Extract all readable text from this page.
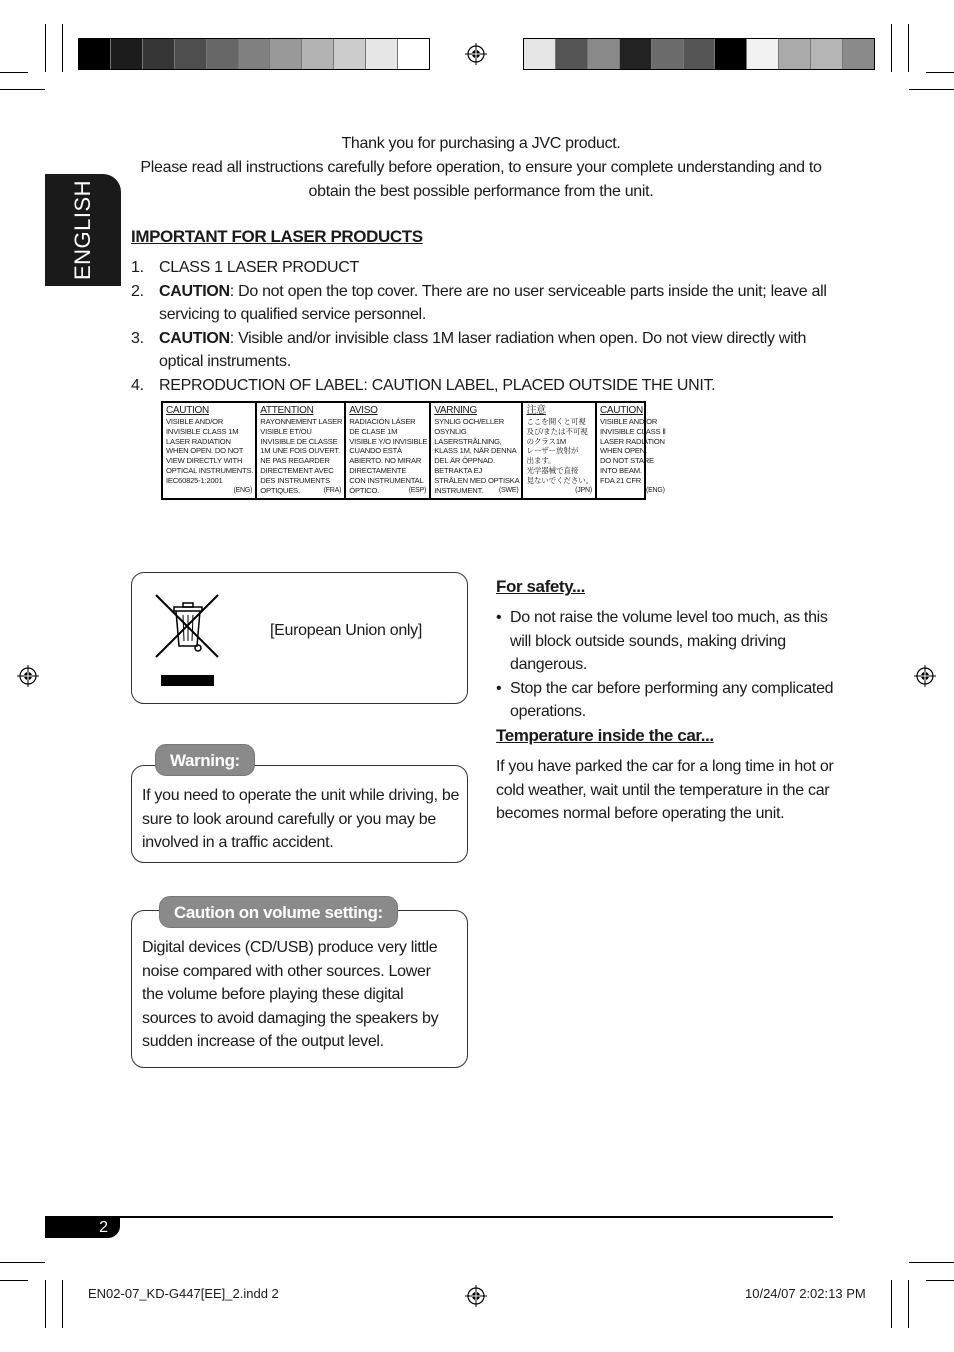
Thank you for purchasing a JVC product.
Please read all instructions carefully before operation, to ensure your complete understanding and to obtain the best possible performance from the unit.
ENGLISH IMPORTANT FOR LASER PRODUCTS
1. CLASS 1 LASER PRODUCT
2. CAUTION: Do not open the top cover. There are no user serviceable parts inside the unit; leave all servicing to qualified service personnel.
3. CAUTION: Visible and/or invisible class 1M laser radiation when open. Do not view directly with optical instruments.
4. REPRODUCTION OF LABEL: CAUTION LABEL, PLACED OUTSIDE THE UNIT.
CAUTION
VISIBLE AND/OR
INVISIBLE CLASS 1M
LASER RADIATION
WHEN OPEN. DO NOT
VIEW DIRECTLY WITH
OPTICAL INSTRUMENTS.
IEC60825-1:2001
(ENG)
ATTENTION
RAYONNEMENT LASER
VISIBLE ET/OU
INVISIBLE DE CLASSE
1M UNE FOIS OUVERT.
NE PAS REGARDER
DIRECTEMENT AVEC
DES INSTRUMENTS
OPTIQUES.	(FRA)
AVISO
RADIACIÓN LÁSER
DE CLASE 1M
VISIBLE Y/O INVISIBLE
CUANDO ESTÁ
ABIERTO. NO MIRAR
DIRECTAMENTE
CON INSTRUMENTAL
ÓPTICO.	(ESP)
VARNING
SYNLIG OCH/ELLER
OSYNLIG
LASERSTRÅLNING,
KLASS 1M, NÄR DENNA
DEL ÄR ÖPPNAD.
BETRAKTA EJ
STRÅLEN MED OPTISKA
INSTRUMENT.	(SWE)
注意
ここを開くと可視
及び/または不可視
のクラス1M
レーザー放射が
出ます。
光学器械で直接
見ないでください。
(JPN)
CAUTION
VISIBLE AND/OR
INVISIBLE CLASS Ⅱ
LASER RADIATION
WHEN OPEN.
DO NOT STARE
INTO BEAM.
FDA 21 CFR
(ENG)
[European Union only]
If you need to operate the unit while driving, be sure to look around carefully or you may be involved in a traffic accident.
Warning:
Digital devices (CD/USB) produce very little noise compared with other sources. Lower the volume before playing these digital sources to avoid damaging the speakers by sudden increase of the output level.
Caution on volume setting:
For safety...
• Do not raise the volume level too much, as this will block outside sounds, making driving dangerous.
• Stop the car before performing any complicated operations.
Temperature inside the car...
If you have parked the car for a long time in hot or cold weather, wait until the temperature in the car becomes normal before operating the unit.
2
EN02-07_KD-G447[EE]_2.indd 2	10/24/07 2:02:13 PM
